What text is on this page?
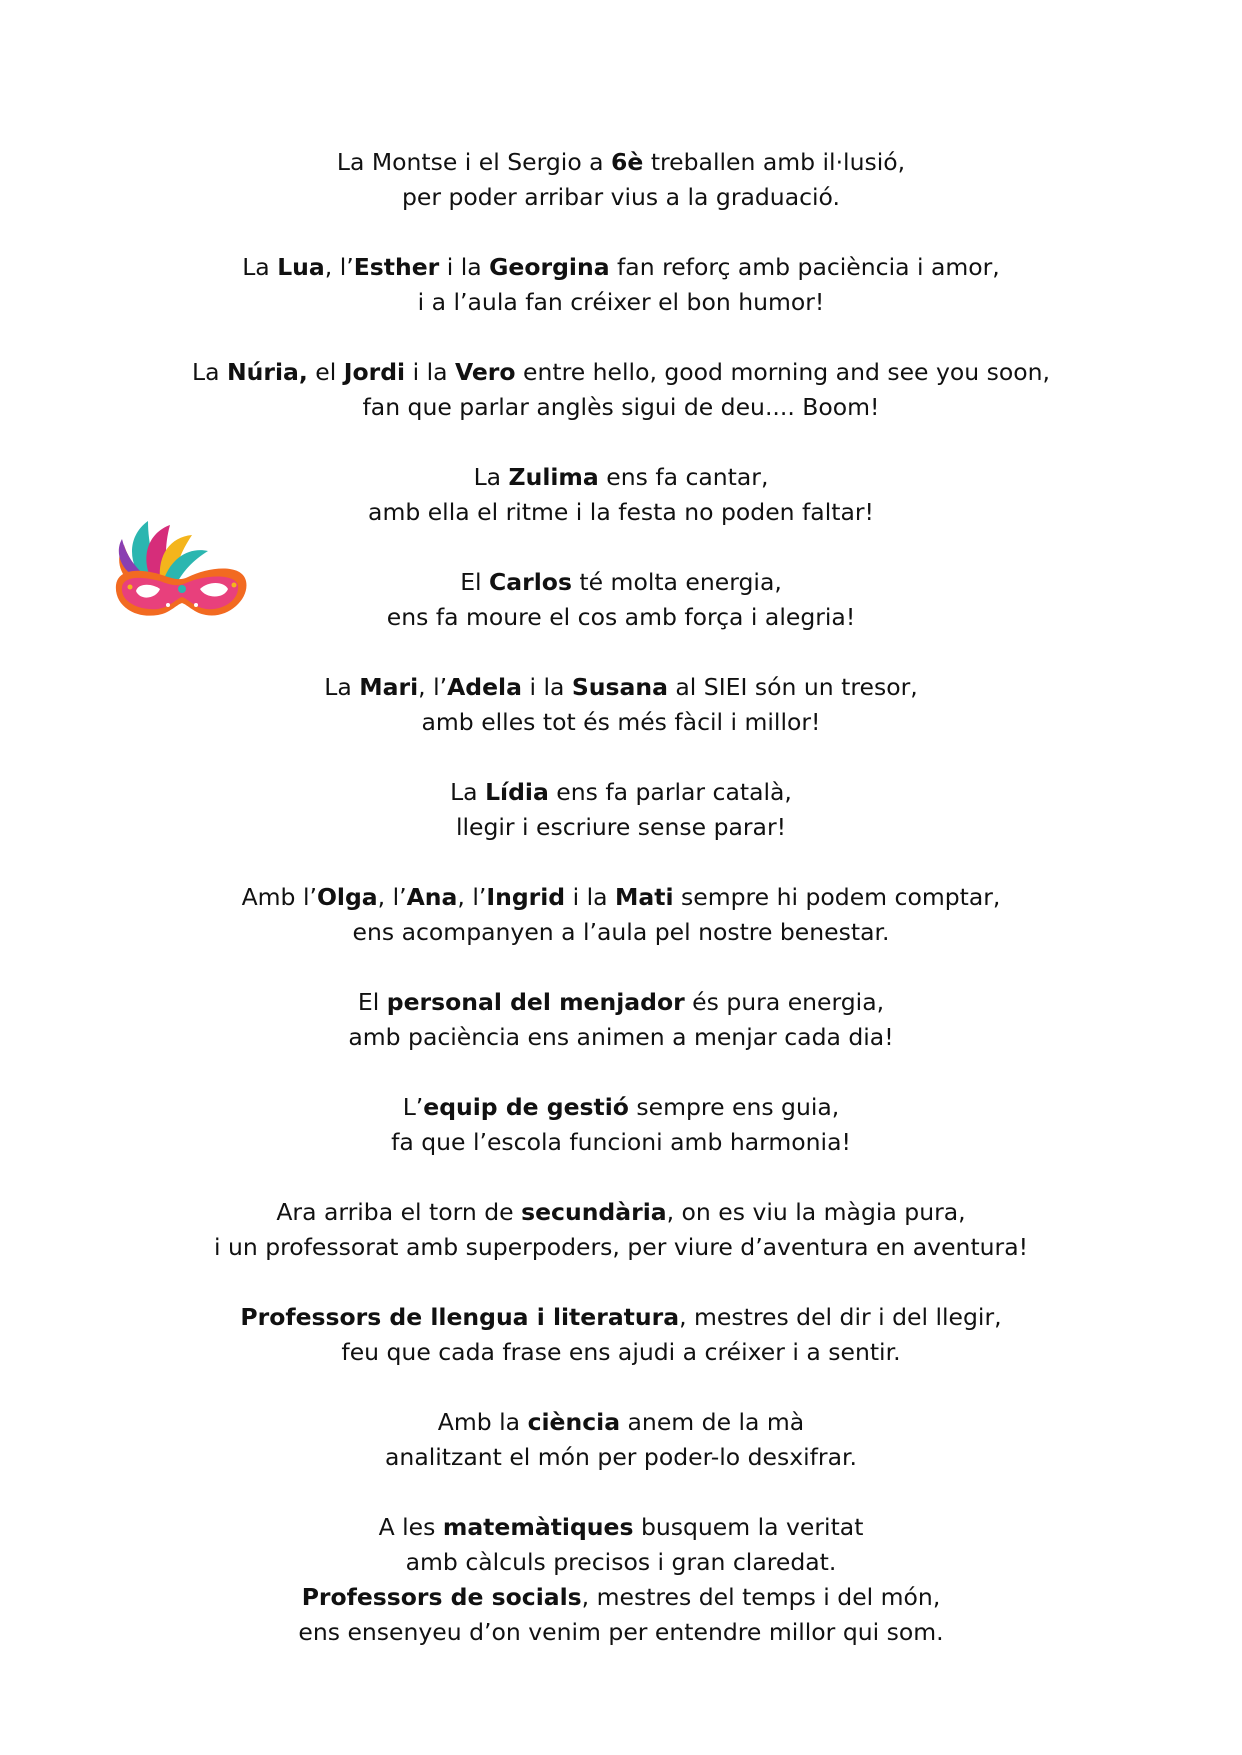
La Montse i el Sergio a 6è treballen amb il·lusió,
per poder arribar vius a la graduació.
La Lua, l’Esther i la Georgina fan reforç amb paciència i amor,
i a l’aula fan créixer el bon humor!
La Núria, el Jordi i la Vero entre hello, good morning and see you soon,
fan que parlar anglès sigui de deu.... Boom!
La Zulima ens fa cantar,
amb ella el ritme i la festa no poden faltar!
El Carlos té molta energia,
ens fa moure el cos amb força i alegria!
La Mari, l’Adela i la Susana al SIEI són un tresor,
amb elles tot és més fàcil i millor!
La Lídia ens fa parlar català,
llegir i escriure sense parar!
Amb l’Olga, l’Ana, l’Ingrid i la Mati sempre hi podem comptar,
ens acompanyen a l’aula pel nostre benestar.
El personal del menjador és pura energia,
amb paciència ens animen a menjar cada dia!
L’equip de gestió sempre ens guia,
fa que l’escola funcioni amb harmonia!
Ara arriba el torn de secundària, on es viu la màgia pura,
i un professorat amb superpoders, per viure d’aventura en aventura!
Professors de llengua i literatura, mestres del dir i del llegir,
feu que cada frase ens ajudi a créixer i a sentir.
Amb la ciència anem de la mà
analitzant el món per poder-lo desxifrar.
A les matemàtiques busquem la veritat
amb càlculs precisos i gran claredat.
Professors de socials, mestres del temps i del món,
ens ensenyeu d’on venim per entendre millor qui som.
